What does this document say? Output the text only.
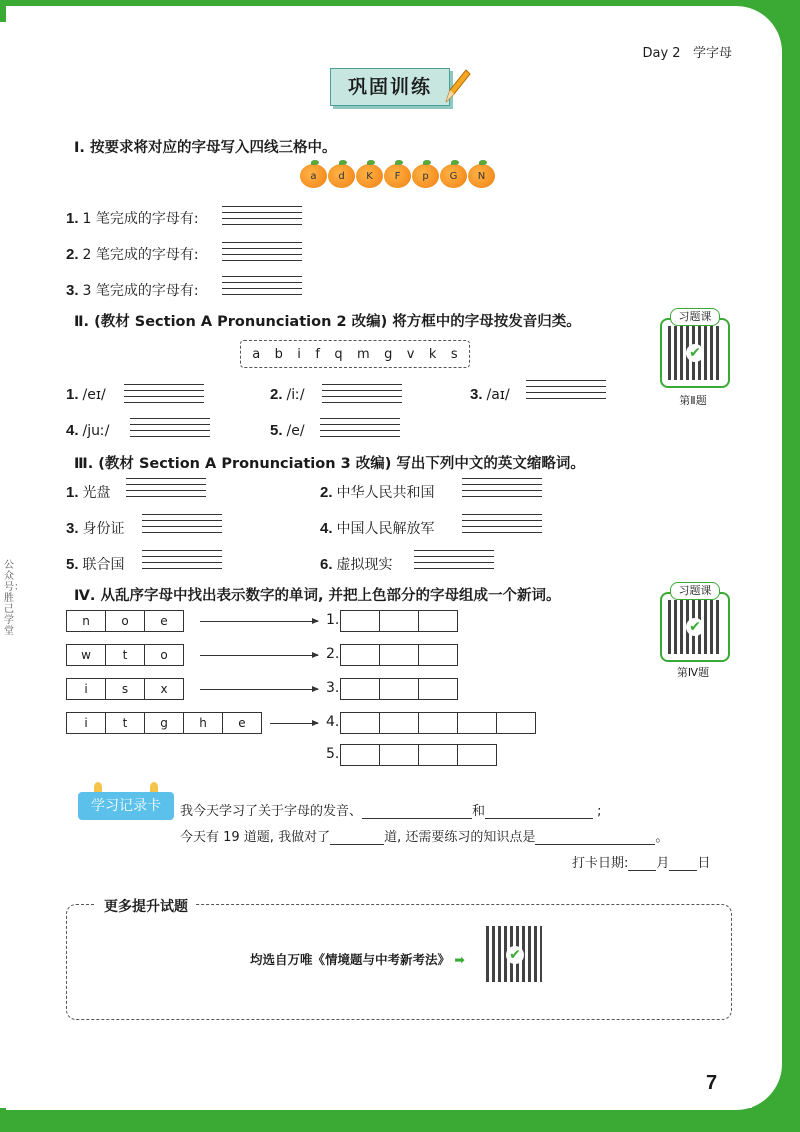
Day 2 学字母
巩固训练
Ⅰ. 按要求将对应的字母写入四线三格中。
a	d	K	F	p	G	N
1. 1 笔完成的字母有:
2. 2 笔完成的字母有:
3. 3 笔完成的字母有:
Ⅱ. (教材 Section A Pronunciation 2 改编) 将方框中的字母按发音归类。
a b i f q m g v k s
1. /eɪ/	2. /iː/	3. /aɪ/
4. /juː/	5. /e/
习题课
✔
第Ⅱ题
Ⅲ. (教材 Section A Pronunciation 3 改编) 写出下列中文的英文缩略词。
1. 光盘	2. 中华人民共和国
3. 身份证	4. 中国人民解放军
5. 联合国	6. 虚拟现实
Ⅳ. 从乱序字母中找出表示数字的单词, 并把上色部分的字母组成一个新词。
n	o	e	1.
w	t	o	2.
i	s	x	3.
i	t	g	h	e	4.
5.
习题课
✔
第Ⅳ题
学习记录卡	我今天学习了关于字母的发音、	和	;
今天有 19 道题, 我做对了	道, 还需要练习的知识点是	。
打卡日期: 月 日
更多提升试题
均选自万唯《情境题与中考新考法》 ➡	✔
公众号：胜己学堂
7
